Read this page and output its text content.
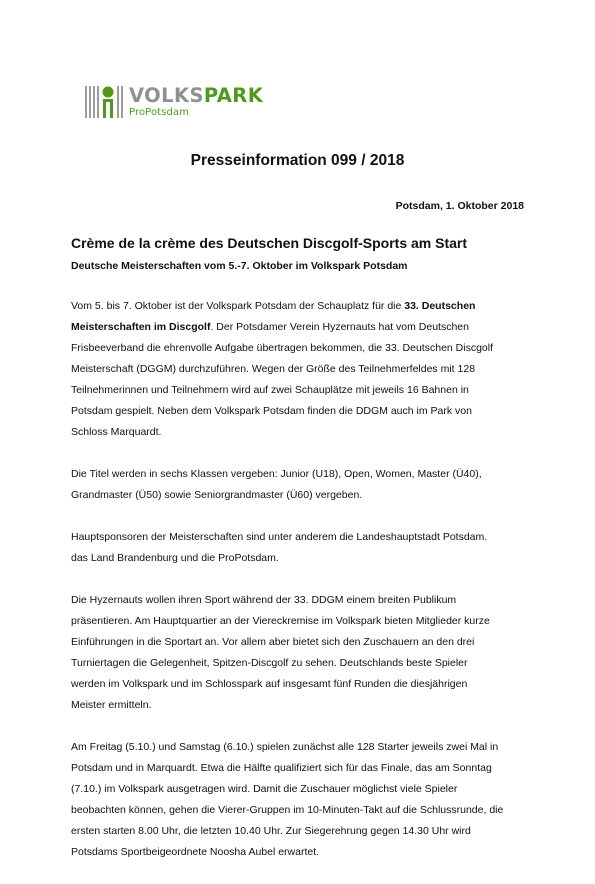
VOLKSPARK
ProPotsdam
Presseinformation 099 / 2018

Potsdam, 1. Oktober 2018

Crème de la crème des Deutschen Discgolf-Sports am Start

Deutsche Meisterschaften vom 5.-7. Oktober im Volkspark Potsdam

Vom 5. bis 7. Oktober ist der Volkspark Potsdam der Schauplatz für die 33. Deutschen
Meisterschaften im Discgolf. Der Potsdamer Verein Hyzernauts hat vom Deutschen
Frisbeeverband die ehrenvolle Aufgabe übertragen bekommen, die 33. Deutschen Discgolf
Meisterschaft (DGGM) durchzuführen. Wegen der Größe des Teilnehmerfeldes mit 128
Teilnehmerinnen und Teilnehmern wird auf zwei Schauplätze mit jeweils 16 Bahnen in
Potsdam gespielt. Neben dem Volkspark Potsdam finden die DDGM auch im Park von
Schloss Marquardt.

Die Titel werden in sechs Klassen vergeben: Junior (U18), Open, Women, Master (Ü40),
Grandmaster (Ü50) sowie Seniorgrandmaster (Ü60) vergeben.

Hauptsponsoren der Meisterschaften sind unter anderem die Landeshauptstadt Potsdam.
das Land Brandenburg und die ProPotsdam.

Die Hyzernauts wollen ihren Sport während der 33. DDGM einem breiten Publikum
präsentieren. Am Hauptquartier an der Viereckremise im Volkspark bieten Mitglieder kurze
Einführungen in die Sportart an. Vor allem aber bietet sich den Zuschauern an den drei
Turniertagen die Gelegenheit, Spitzen-Discgolf zu sehen. Deutschlands beste Spieler
werden im Volkspark und im Schlosspark auf insgesamt fünf Runden die diesjährigen
Meister ermitteln.

Am Freitag (5.10.) und Samstag (6.10.) spielen zunächst alle 128 Starter jeweils zwei Mal in
Potsdam und in Marquardt. Etwa die Hälfte qualifiziert sich für das Finale, das am Sonntag
(7.10.) im Volkspark ausgetragen wird. Damit die Zuschauer möglichst viele Spieler
beobachten können, gehen die Vierer-Gruppen im 10-Minuten-Takt auf die Schlussrunde, die
ersten starten 8.00 Uhr, die letzten 10.40 Uhr. Zur Siegerehrung gegen 14.30 Uhr wird
Potsdams Sportbeigeordnete Noosha Aubel erwartet.
